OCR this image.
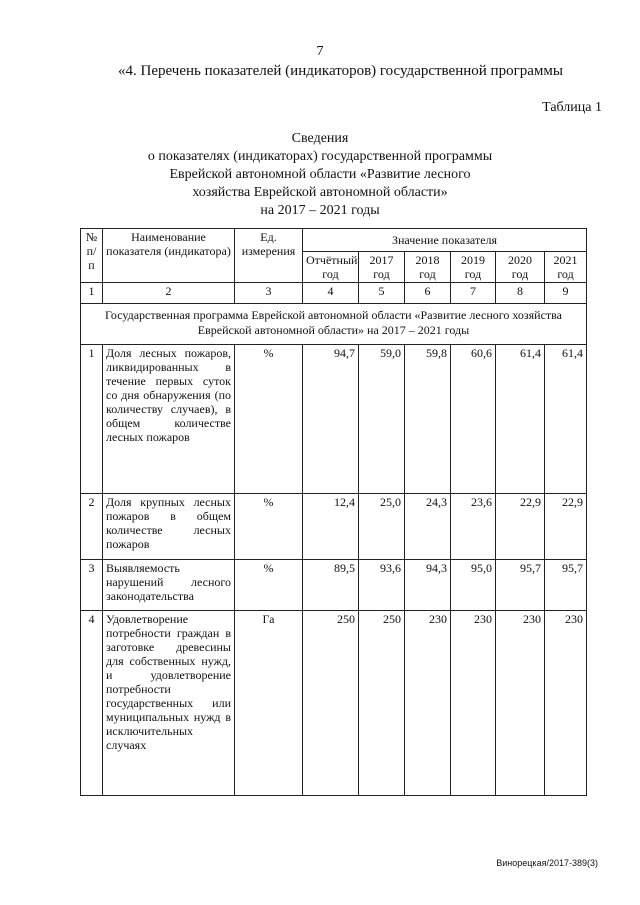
7
«4. Перечень показателей (индикаторов) государственной программы
Таблица 1
Сведения
о показателях (индикаторах) государственной программы
Еврейской автономной области «Развитие лесного
хозяйства Еврейской автономной области»
на 2017 – 2021 годы
№ п/п	Наименование показателя (индикатора)	Ед. измерения	Значение показателя					
			Отчётный год	2017 год	2018 год	2019 год	2020 год	2021 год
1	2	3	4	5	6	7	8	9
Государственная программа Еврейской автономной области «Развитие лесного хозяйства Еврейской автономной области» на 2017 – 2021 годы								
1	Доля лесных пожаров, ликвидированных в течение первых суток со дня обнаружения (по количеству случаев), в общем количестве лесных пожаров	%	94,7	59,0	59,8	60,6	61,4	61,4
2	Доля крупных лесных пожаров в общем количестве лесных пожаров	%	12,4	25,0	24,3	23,6	22,9	22,9
3	Выявляемость нарушений лесного законодательства	%	89,5	93,6	94,3	95,0	95,7	95,7
4	Удовлетворение потребности граждан в заготовке древесины для собственных нужд, и удовлетворение потребности государственных или муниципальных нужд в исключительных случаях	Га	250	250	230	230	230	230
Винорецкая/2017-389(3)
